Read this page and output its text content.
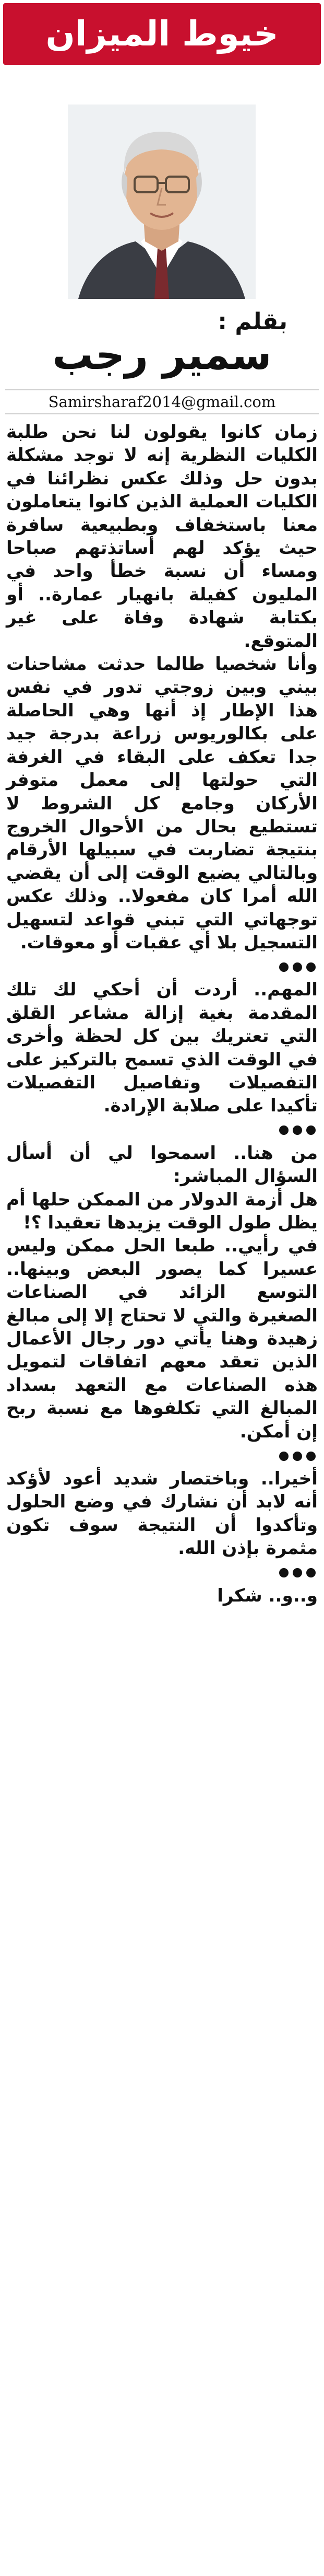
خيوط الميزان
بقلم :
سمير رجب
Samirsharaf2014@gmail.com

زمان كانوا يقولون لنا نحن طلبة الكليات النظرية إنه لا توجد مشكلة بدون حل وذلك عكس نظرائنا في الكليات العملية الذين كانوا يتعاملون معنا باستخفاف وبطبيعية سافرة حيث يؤكد لهم أساتذتهم صباحا ومساء أن نسبة خطأ واحد في المليون كفيلة بانهيار عمارة.. أو بكتابة شهادة وفاة على غير المتوقع.

وأنا شخصيا طالما حدثت مشاحنات بيني وبين زوجتي تدور في نفس هذا الإطار إذ أنها وهي الحاصلة على بكالوريوس زراعة بدرجة جيد جدا تعكف على البقاء في الغرفة التي حولتها إلى معمل متوفر الأركان وجامع كل الشروط لا تستطيع بحال من الأحوال الخروج بنتيجة تضاربت في سبيلها الأرقام وبالتالي يضيع الوقت إلى أن يقضي الله أمرا كان مفعولا.. وذلك عكس توجهاتي التي تبني قواعد لتسهيل التسجيل بلا أي عقبات أو معوقات.

المهم.. أردت أن أحكي لك تلك المقدمة بغية إزالة مشاعر القلق التي تعتريك بين كل لحظة وأخرى في الوقت الذي تسمح بالتركيز على التفصيلات وتفاصيل التفصيلات تأكيدا على صلابة الإرادة.

من هنا.. اسمحوا لي أن أسأل السؤال المباشر:
هل أزمة الدولار من الممكن حلها أم يظل طول الوقت يزيدها تعقيدا ؟!

في رأيي.. طبعا الحل ممكن وليس عسيرا كما يصور البعض وبينها.. التوسع الزائد في الصناعات الصغيرة والتي لا تحتاج إلا إلى مبالغ زهيدة وهنا يأتي دور رجال الأعمال الذين تعقد معهم اتفاقات لتمويل هذه الصناعات مع التعهد بسداد المبالغ التي تكلفوها مع نسبة ربح إن أمكن.

أخيرا.. وباختصار شديد أعود لأؤكد أنه لابد أن نشارك في وضع الحلول وتأكدوا أن النتيجة سوف تكون مثمرة بإذن الله.

و..و.. شكرا
